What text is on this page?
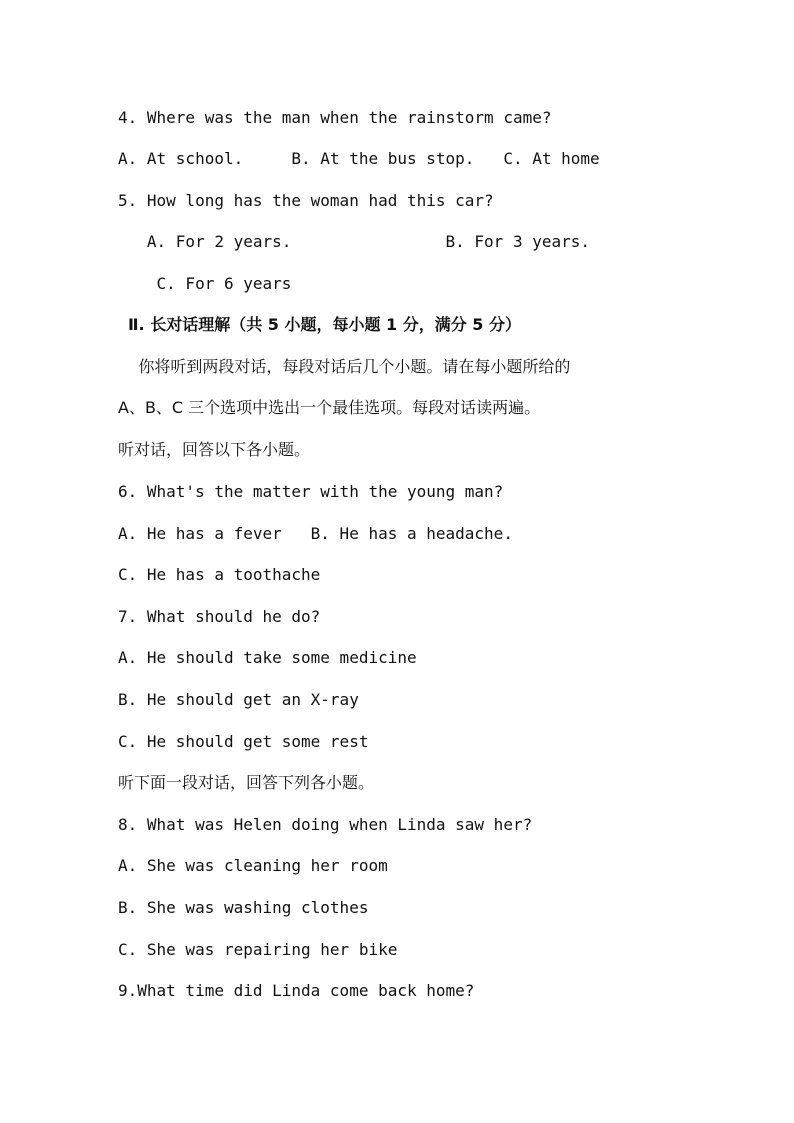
4. Where was the man when the rainstorm came?
A. At school.     B. At the bus stop.   C. At home
5. How long has the woman had this car?
A. For 2 years.                B. For 3 years.
C. For 6 years
Ⅱ. 长对话理解（共 5 小题，每小题 1 分，满分 5 分）
你将听到两段对话，每段对话后几个小题。请在每小题所给的
A、B、C 三个选项中选出一个最佳选项。每段对话读两遍。
听对话，回答以下各小题。
6. What's the matter with the young man?
A. He has a fever   B. He has a headache.
C. He has a toothache
7. What should he do?
A. He should take some medicine
B. He should get an X-ray
C. He should get some rest
听下面一段对话，回答下列各小题。
8. What was Helen doing when Linda saw her?
A. She was cleaning her room
B. She was washing clothes
C. She was repairing her bike
9.What time did Linda come back home?
